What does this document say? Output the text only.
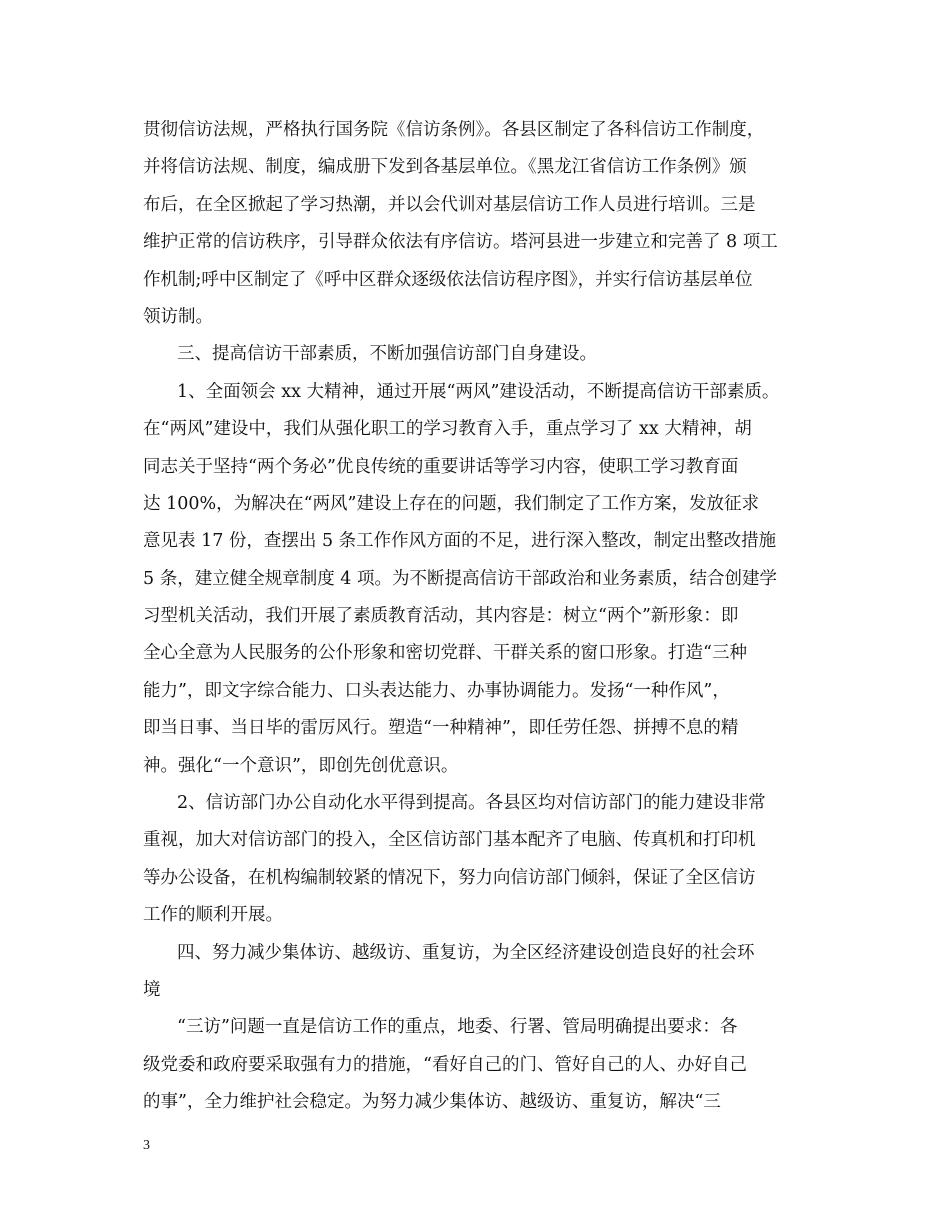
贯彻信访法规，严格执行国务院《信访条例》。各县区制定了各科信访工作制度，
并将信访法规、制度，编成册下发到各基层单位。《黑龙江省信访工作条例》颁
布后，在全区掀起了学习热潮，并以会代训对基层信访工作人员进行培训。三是
维护正常的信访秩序，引导群众依法有序信访。塔河县进一步建立和完善了 8 项工
作机制;呼中区制定了《呼中区群众逐级依法信访程序图》，并实行信访基层单位
领访制。
三、提高信访干部素质，不断加强信访部门自身建设。
1、全面领会 xx 大精神，通过开展“两风”建设活动，不断提高信访干部素质。
在“两风”建设中，我们从强化职工的学习教育入手，重点学习了 xx 大精神，胡
同志关于坚持“两个务必”优良传统的重要讲话等学习内容，使职工学习教育面
达 100%，为解决在“两风”建设上存在的问题，我们制定了工作方案，发放征求
意见表 17 份，查摆出 5 条工作作风方面的不足，进行深入整改，制定出整改措施
5 条，建立健全规章制度 4 项。为不断提高信访干部政治和业务素质，结合创建学
习型机关活动，我们开展了素质教育活动，其内容是：树立“两个”新形象：即
全心全意为人民服务的公仆形象和密切党群、干群关系的窗口形象。打造“三种
能力”，即文字综合能力、口头表达能力、办事协调能力。发扬“一种作风”，
即当日事、当日毕的雷厉风行。塑造“一种精神”，即任劳任怨、拼搏不息的精
神。强化“一个意识”，即创先创优意识。
2、信访部门办公自动化水平得到提高。各县区均对信访部门的能力建设非常
重视，加大对信访部门的投入，全区信访部门基本配齐了电脑、传真机和打印机
等办公设备，在机构编制较紧的情况下，努力向信访部门倾斜，保证了全区信访
工作的顺利开展。
四、努力减少集体访、越级访、重复访，为全区经济建设创造良好的社会环
境
“三访”问题一直是信访工作的重点，地委、行署、管局明确提出要求：各
级党委和政府要采取强有力的措施，“看好自己的门、管好自己的人、办好自己
的事”，全力维护社会稳定。为努力减少集体访、越级访、重复访，解决“三
3
